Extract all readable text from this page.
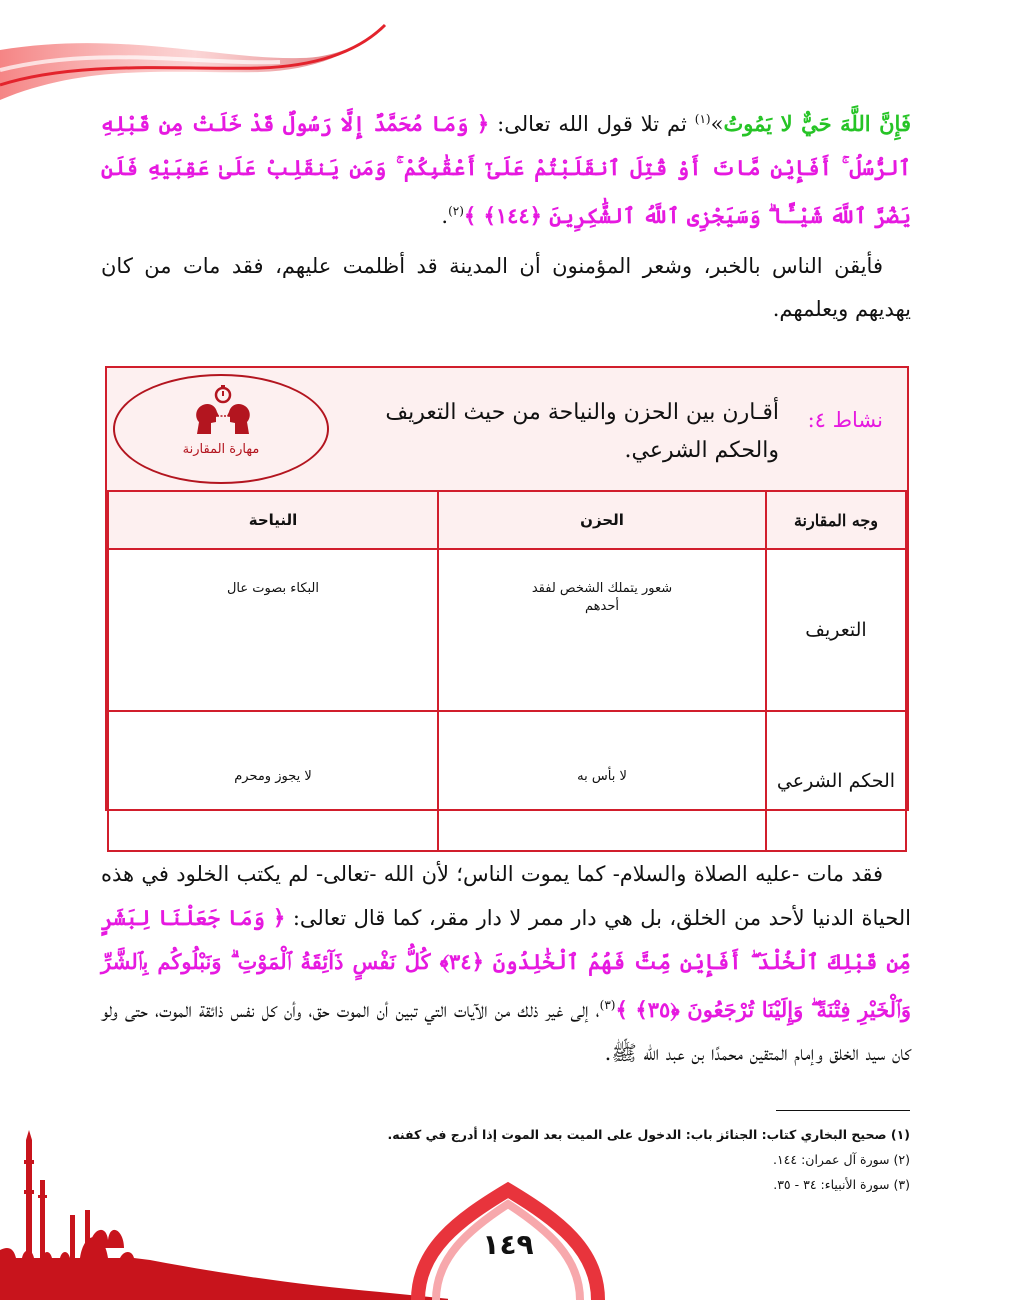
فَإِنَّ اللَّهَ حَيٌّ لا يَمُوتُ»$^{(١)}$ ثم تلا قول الله تعالى: ﴿ وَمَا مُحَمَّدٌ إِلَّا رَسُولٌ قَدْ خَلَتْ مِن قَبْلِهِ ٱلرُّسُلُ ۚ أَفَإِيْن مَّاتَ أَوْ قُتِلَ ٱنقَلَبْتُمْ عَلَىٰٓ أَعْقَٰبِكُمْ ۚ وَمَن يَنقَلِبْ عَلَىٰ عَقِبَيْهِ فَلَن يَضُرَّ ٱللَّهَ شَيْـًٔا ۗ وَسَيَجْزِى ٱللَّهُ ٱلشَّٰكِرِينَ ﴿١٤٤﴾ ﴾$^{(٢)}$.
فأيقن الناس بالخبر، وشعر المؤمنون أن المدينة قد أظلمت عليهم، فقد مات من كان يهديهم ويعلمهم.
نشاط ٤:
أقـارن بين الحزن والنياحة من حيث التعريف والحكم الشرعي.
مهارة المقارنة
وجه المقارنة	الحزن	النياحة
التعريف	شعور يتملك الشخص لفقد أحدهم	البكاء بصوت عال
الحكم الشرعي	لا بأس به	لا يجوز ومحرم
فقد مات -عليه الصلاة والسلام- كما يموت الناس؛ لأن الله -تعالى- لم يكتب الخلود في هذه الحياة الدنيا لأحد من الخلق، بل هي دار ممر لا دار مقر، كما قال تعالى: ﴿ وَمَا جَعَلْنَا لِبَشَرٍ مِّن قَبْلِكَ ٱلْخُلْدَ ۖ أَفَإِيْن مِّتَّ فَهُمُ ٱلْخَٰلِدُونَ ﴿٣٤﴾ كُلُّ نَفْسٍ ذَآئِقَةُ ٱلْمَوْتِ ۗ وَنَبْلُوكُم بِٱلشَّرِّ وَٱلْخَيْرِ فِتْنَةً ۖ وَإِلَيْنَا تُرْجَعُونَ ﴿٣٥﴾ ﴾$^{(٣)}$، إلى غير ذلك من الآيات التي تبين أن الموت حق، وأن كل نفس ذائقة الموت، حتى ولو كان سيد الخلق وإمام المتقين محمدًا بن عبد الله ﷺ.
(١) صحيح البخاري كتاب: الجنائز باب: الدخول على الميت بعد الموت إذا أدرج في كفنه.
(٢) سورة آل عمران: ١٤٤.
(٣) سورة الأنبياء: ٣٤ - ٣٥.
١٤٩
